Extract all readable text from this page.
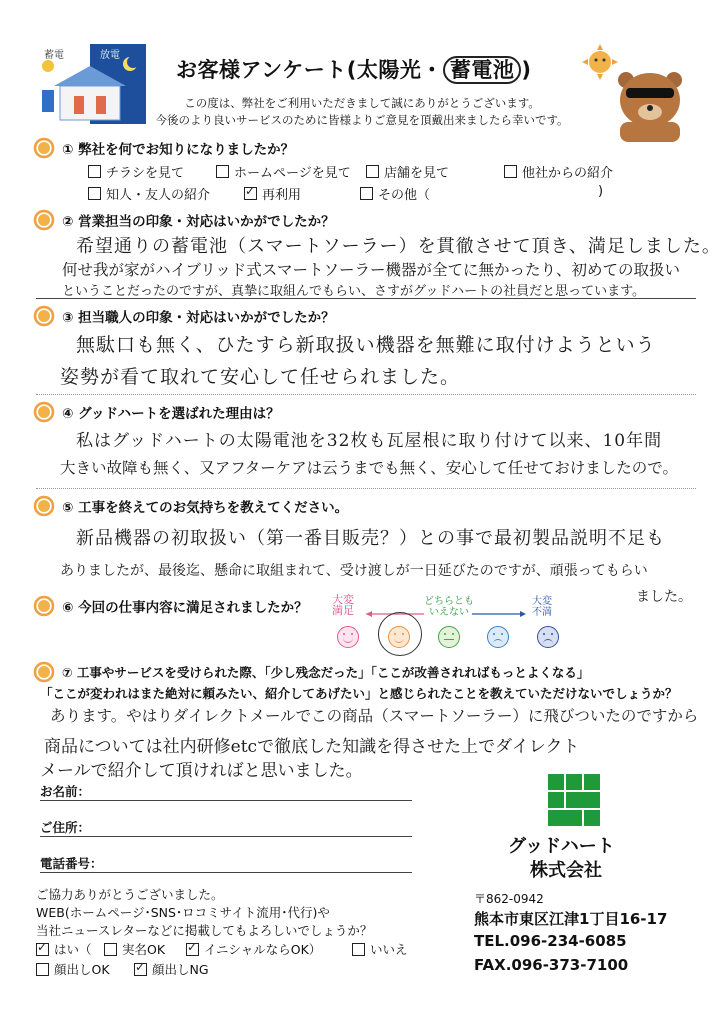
蓄電	放電
お客様アンケート(太陽光・ 蓄電池 )
この度は、弊社をご利用いただきまして誠にありがとうございます。
今後のより良いサービスのために皆様よりご意見を頂戴出来ましたら幸いです。
① 弊社を何でお知りになりましたか？
チラシを見て	ホームページを見て	店舗を見て	他社からの紹介
知人・友人の紹介 ✓	再利用	その他（	)
② 営業担当の印象・対応はいかがでしたか？
希望通りの蓄電池（スマートソーラー）を貫徹させて頂き、満足しました。
何せ我が家がハイブリッド式スマートソーラー機器が全てに無かったり、初めての取扱い
ということだったのですが、真摯に取組んでもらい、さすがグッドハートの社員だと思っています。
③ 担当職人の印象・対応はいかがでしたか？
無駄口も無く、ひたすら新取扱い機器を無難に取付けようという
姿勢が看て取れて安心して任せられました。
④ グッドハートを選ばれた理由は？
私はグッドハートの太陽電池を32枚も瓦屋根に取り付けて以来、10年間
大きい故障も無く、又アフターケアは云うまでも無く、安心して任せておけましたので。
⑤ 工事を終えてのお気持ちを教えてください。
新品機器の初取扱い（第一番目販売？）との事で最初製品説明不足も
ありましたが、最後迄、懸命に取組まれて、受け渡しが一日延びたのですが、頑張ってもらい
ました。
⑥ 今回の仕事内容に満足されましたか？
大変
満足
どちらとも
いえない
大変
不満
⑦ 工事やサービスを受けられた際、「少し残念だった」「ここが改善されればもっとよくなる」
「ここが変われはまた絶対に頼みたい、紹介してあげたい」と感じられたことを教えていただけないでしょうか？
あります。やはりダイレクトメールでこの商品（スマートソーラー）に飛びついたのですから
商品については社内研修etcで徹底した知識を得させた上でダイレクト
メールで紹介して頂ければと思いました。
お名前：
ご住所：
電話番号：
ご協力ありがとうございました。
WEB(ホームページ･SNS･ロコミサイト流用･代行)や
当社ニュースレターなどに掲載してもよろしいでしょうか？
✓
はい（ 実名OK ✓	イニシャルならOK）	いいえ
顔出しOK ✓	顔出しNG
グッドハート
株式会社
〒862-0942
熊本市東区江津1丁目16-17
TEL.096-234-6085
FAX.096-373-7100
